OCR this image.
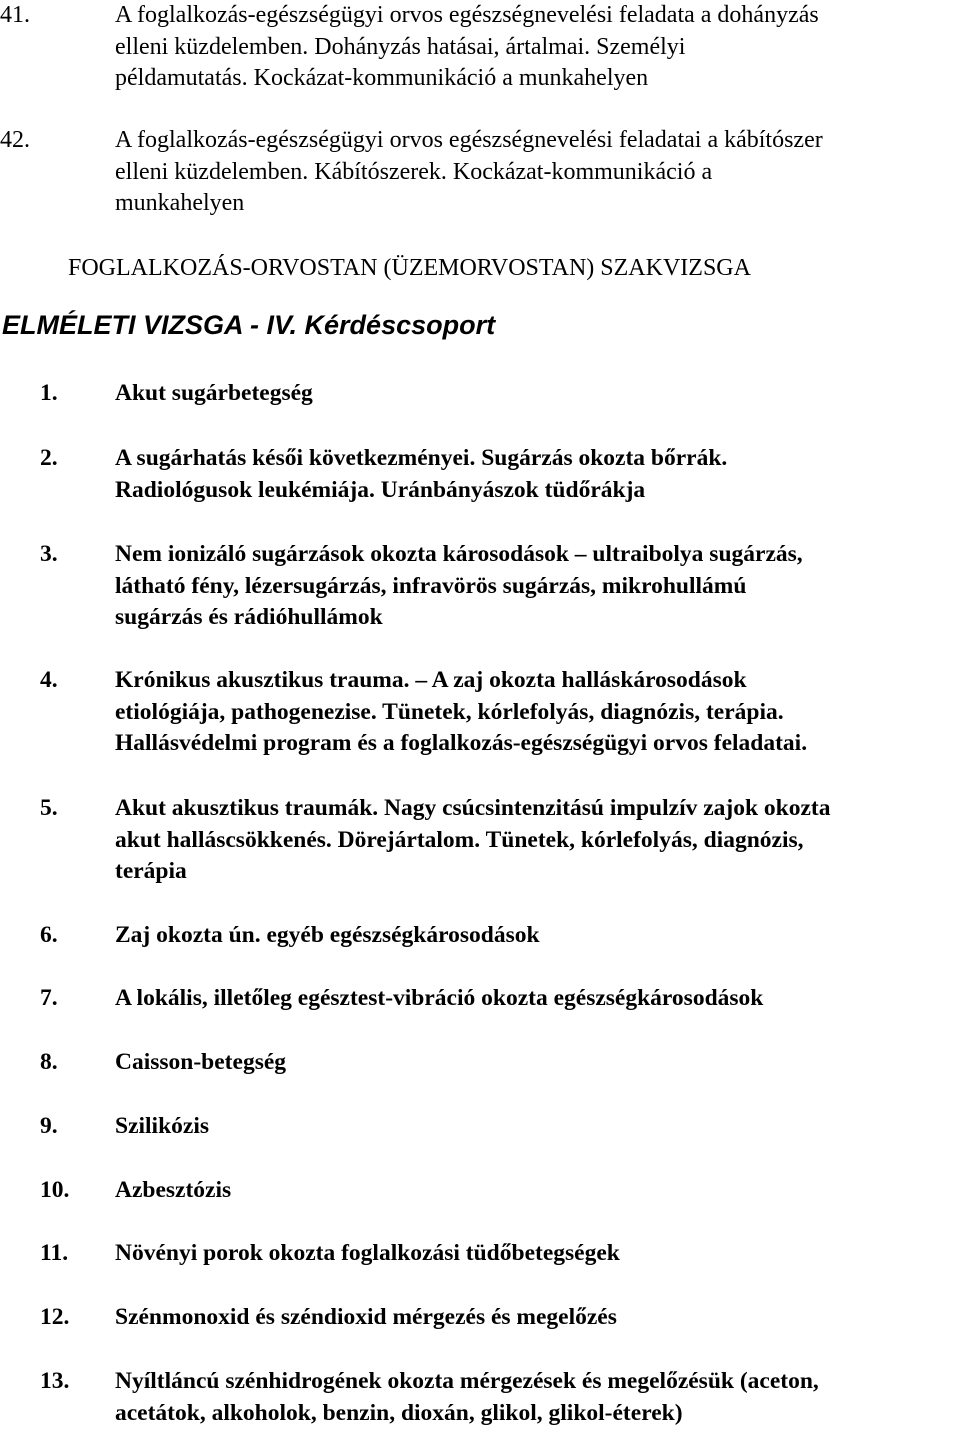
41.	A foglalkozás-egészségügyi orvos egészségnevelési feladata a dohányzás
elleni küzdelemben. Dohányzás hatásai, ártalmai. Személyi
példamutatás. Kockázat-kommunikáció a munkahelyen
42.	A foglalkozás-egészségügyi orvos egészségnevelési feladatai a kábítószer
elleni küzdelemben. Kábítószerek. Kockázat-kommunikáció a
munkahelyen
FOGLALKOZÁS-ORVOSTAN (ÜZEMORVOSTAN) SZAKVIZSGA
ELMÉLETI VIZSGA - IV. Kérdéscsoport
1.	Akut sugárbetegség
2.	A sugárhatás késői következményei. Sugárzás okozta bőrrák.
Radiológusok leukémiája. Uránbányászok tüdőrákja
3.	Nem ionizáló sugárzások okozta károsodások – ultraibolya sugárzás,
látható fény, lézersugárzás, infravörös sugárzás, mikrohullámú
sugárzás és rádióhullámok
4.	Krónikus akusztikus trauma. – A zaj okozta halláskárosodások
etiológiája, pathogenezise. Tünetek, kórlefolyás, diagnózis, terápia.
Hallásvédelmi program és a foglalkozás-egészségügyi orvos feladatai.
5.	Akut akusztikus traumák. Nagy csúcsintenzitású impulzív zajok okozta
akut halláscsökkenés. Dörejártalom. Tünetek, kórlefolyás, diagnózis,
terápia
6.	Zaj okozta ún. egyéb egészségkárosodások
7.	A lokális, illetőleg egésztest-vibráció okozta egészségkárosodások
8.	Caisson-betegség
9.	Szilikózis
10.	Azbesztózis
11.	Növényi porok okozta foglalkozási tüdőbetegségek
12.	Szénmonoxid és széndioxid mérgezés és megelőzés
13.	Nyíltláncú szénhidrogének okozta mérgezések és megelőzésük (aceton,
acetátok, alkoholok, benzin, dioxán, glikol, glikol-éterek)
